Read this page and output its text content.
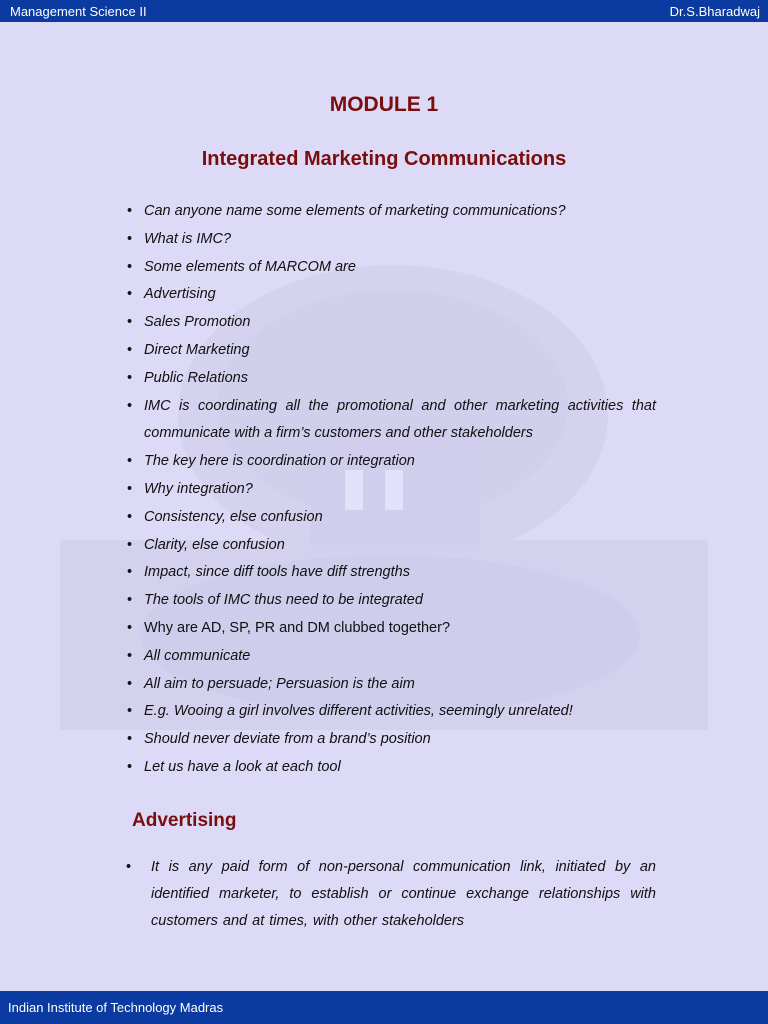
Management Science II	Dr.S.Bharadwaj
MODULE 1
Integrated Marketing Communications
• Can anyone name some elements of marketing communications?
• What is IMC?
• Some elements of MARCOM are
• Advertising
• Sales Promotion
• Direct Marketing
• Public Relations
• IMC is coordinating all the promotional and other marketing activities that communicate with a firm’s customers and other stakeholders
• The key here is coordination or integration
• Why integration?
• Consistency, else confusion
• Clarity, else confusion
• Impact, since diff tools have diff strengths
• The tools of IMC thus need to be integrated
• Why are AD, SP, PR and DM clubbed together?
• All communicate
• All aim to persuade; Persuasion is the aim
• E.g. Wooing a girl involves different activities, seemingly unrelated!
• Should never deviate from a brand’s position
• Let us have a look at each tool
Advertising
• It is any paid form of non-personal communication link, initiated by an identified marketer, to establish or continue exchange relationships with customers and at times, with other stakeholders
Indian Institute of Technology Madras
